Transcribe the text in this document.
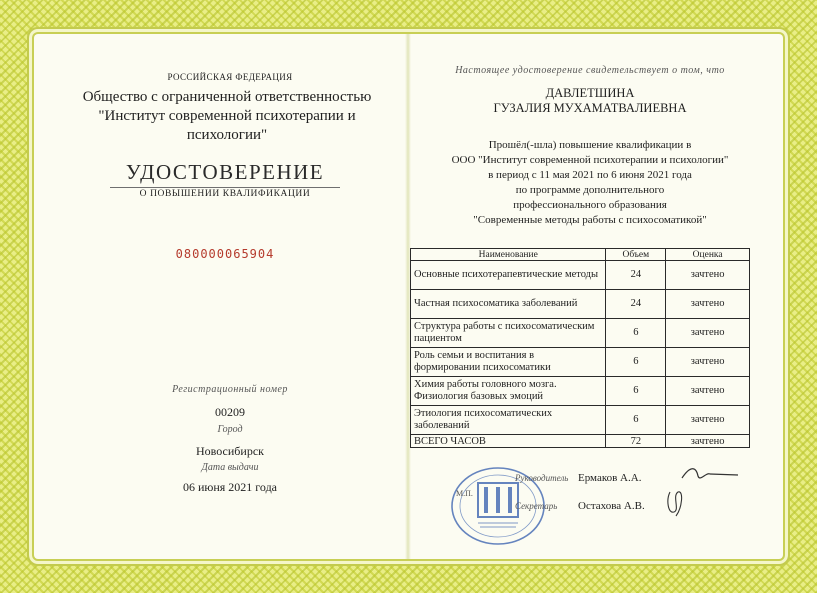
РОССИЙСКАЯ ФЕДЕРАЦИЯ
Общество с ограниченной ответственностью
"Институт современной психотерапии и
психологии"
УДОСТОВЕРЕНИЕ
О ПОВЫШЕНИИ КВАЛИФИКАЦИИ
080000065904
Регистрационный номер
00209
Город
Новосибирск
Дата выдачи
06 июня 2021 года
Настоящее удостоверение свидетельствует о том, что
ДАВЛЕТШИНА
ГУЗАЛИЯ МУХАМАТВАЛИЕВНА
Прошёл(-шла) повышение квалификации в
ООО "Институт современной психотерапии и психологии"
в период с 11 мая 2021 по 6 июня 2021 года
по программе дополнительного
профессионального образования
"Современные методы работы с психосоматикой"
Наименование	Объем	Оценка
Основные психотерапевтические методы	24	зачтено
Частная психосоматика заболеваний	24	зачтено
Структура работы с психосоматическим пациентом	6	зачтено
Роль семьи и воспитания в формировании психосоматики	6	зачтено
Химия работы головного мозга. Физиология базовых эмоций	6	зачтено
Этиология психосоматических заболеваний	6	зачтено
ВСЕГО ЧАСОВ	72	зачтено
М.П.
Руководитель Ермаков А.А.
Секретарь	Остахова А.В.
